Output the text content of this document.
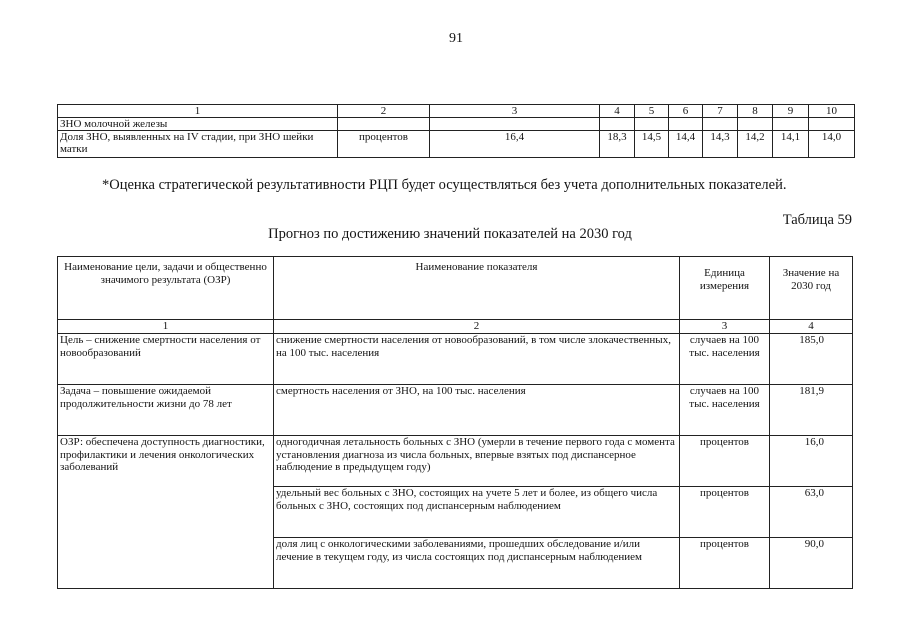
91
1	2	3	4	5	6	7	8	9	10
ЗНО молочной железы									
Доля ЗНО, выявленных на IV стадии, при ЗНО шейки матки	процентов	16,4	18,3	14,5	14,4	14,3	14,2	14,1	14,0
*Оценка стратегической результативности РЦП будет осуществляться без учета дополнительных показателей.
Таблица 59
Прогноз по достижению значений показателей на 2030 год
Наименование цели, задачи и общественно значимого результата (ОЗР)	Наименование показателя	Единица измерения	Значение на 2030 год
1	2	3	4
Цель – снижение смертности населения от новообразований	снижение смертности населения от новообразований, в том числе злокачественных, на 100 тыс. населения	случаев на 100 тыс. населения	185,0
Задача – повышение ожидаемой продолжительности жизни до 78 лет	смертность населения от ЗНО, на 100 тыс. населения	случаев на 100 тыс. населения	181,9
ОЗР: обеспечена доступность диагностики, профилактики и лечения онкологических заболеваний	одногодичная летальность больных с ЗНО (умерли в течение первого года с момента установления диагноза из числа больных, впервые взятых под диспансерное наблюдение в предыдущем году)	процентов	16,0
	удельный вес больных с ЗНО, состоящих на учете 5 лет и более, из общего числа больных с ЗНО, состоящих под диспансерным наблюдением	процентов	63,0
	доля лиц с онкологическими заболеваниями, прошедших обследование и/или лечение в текущем году, из числа состоящих под диспансерным наблюдением	процентов	90,0
